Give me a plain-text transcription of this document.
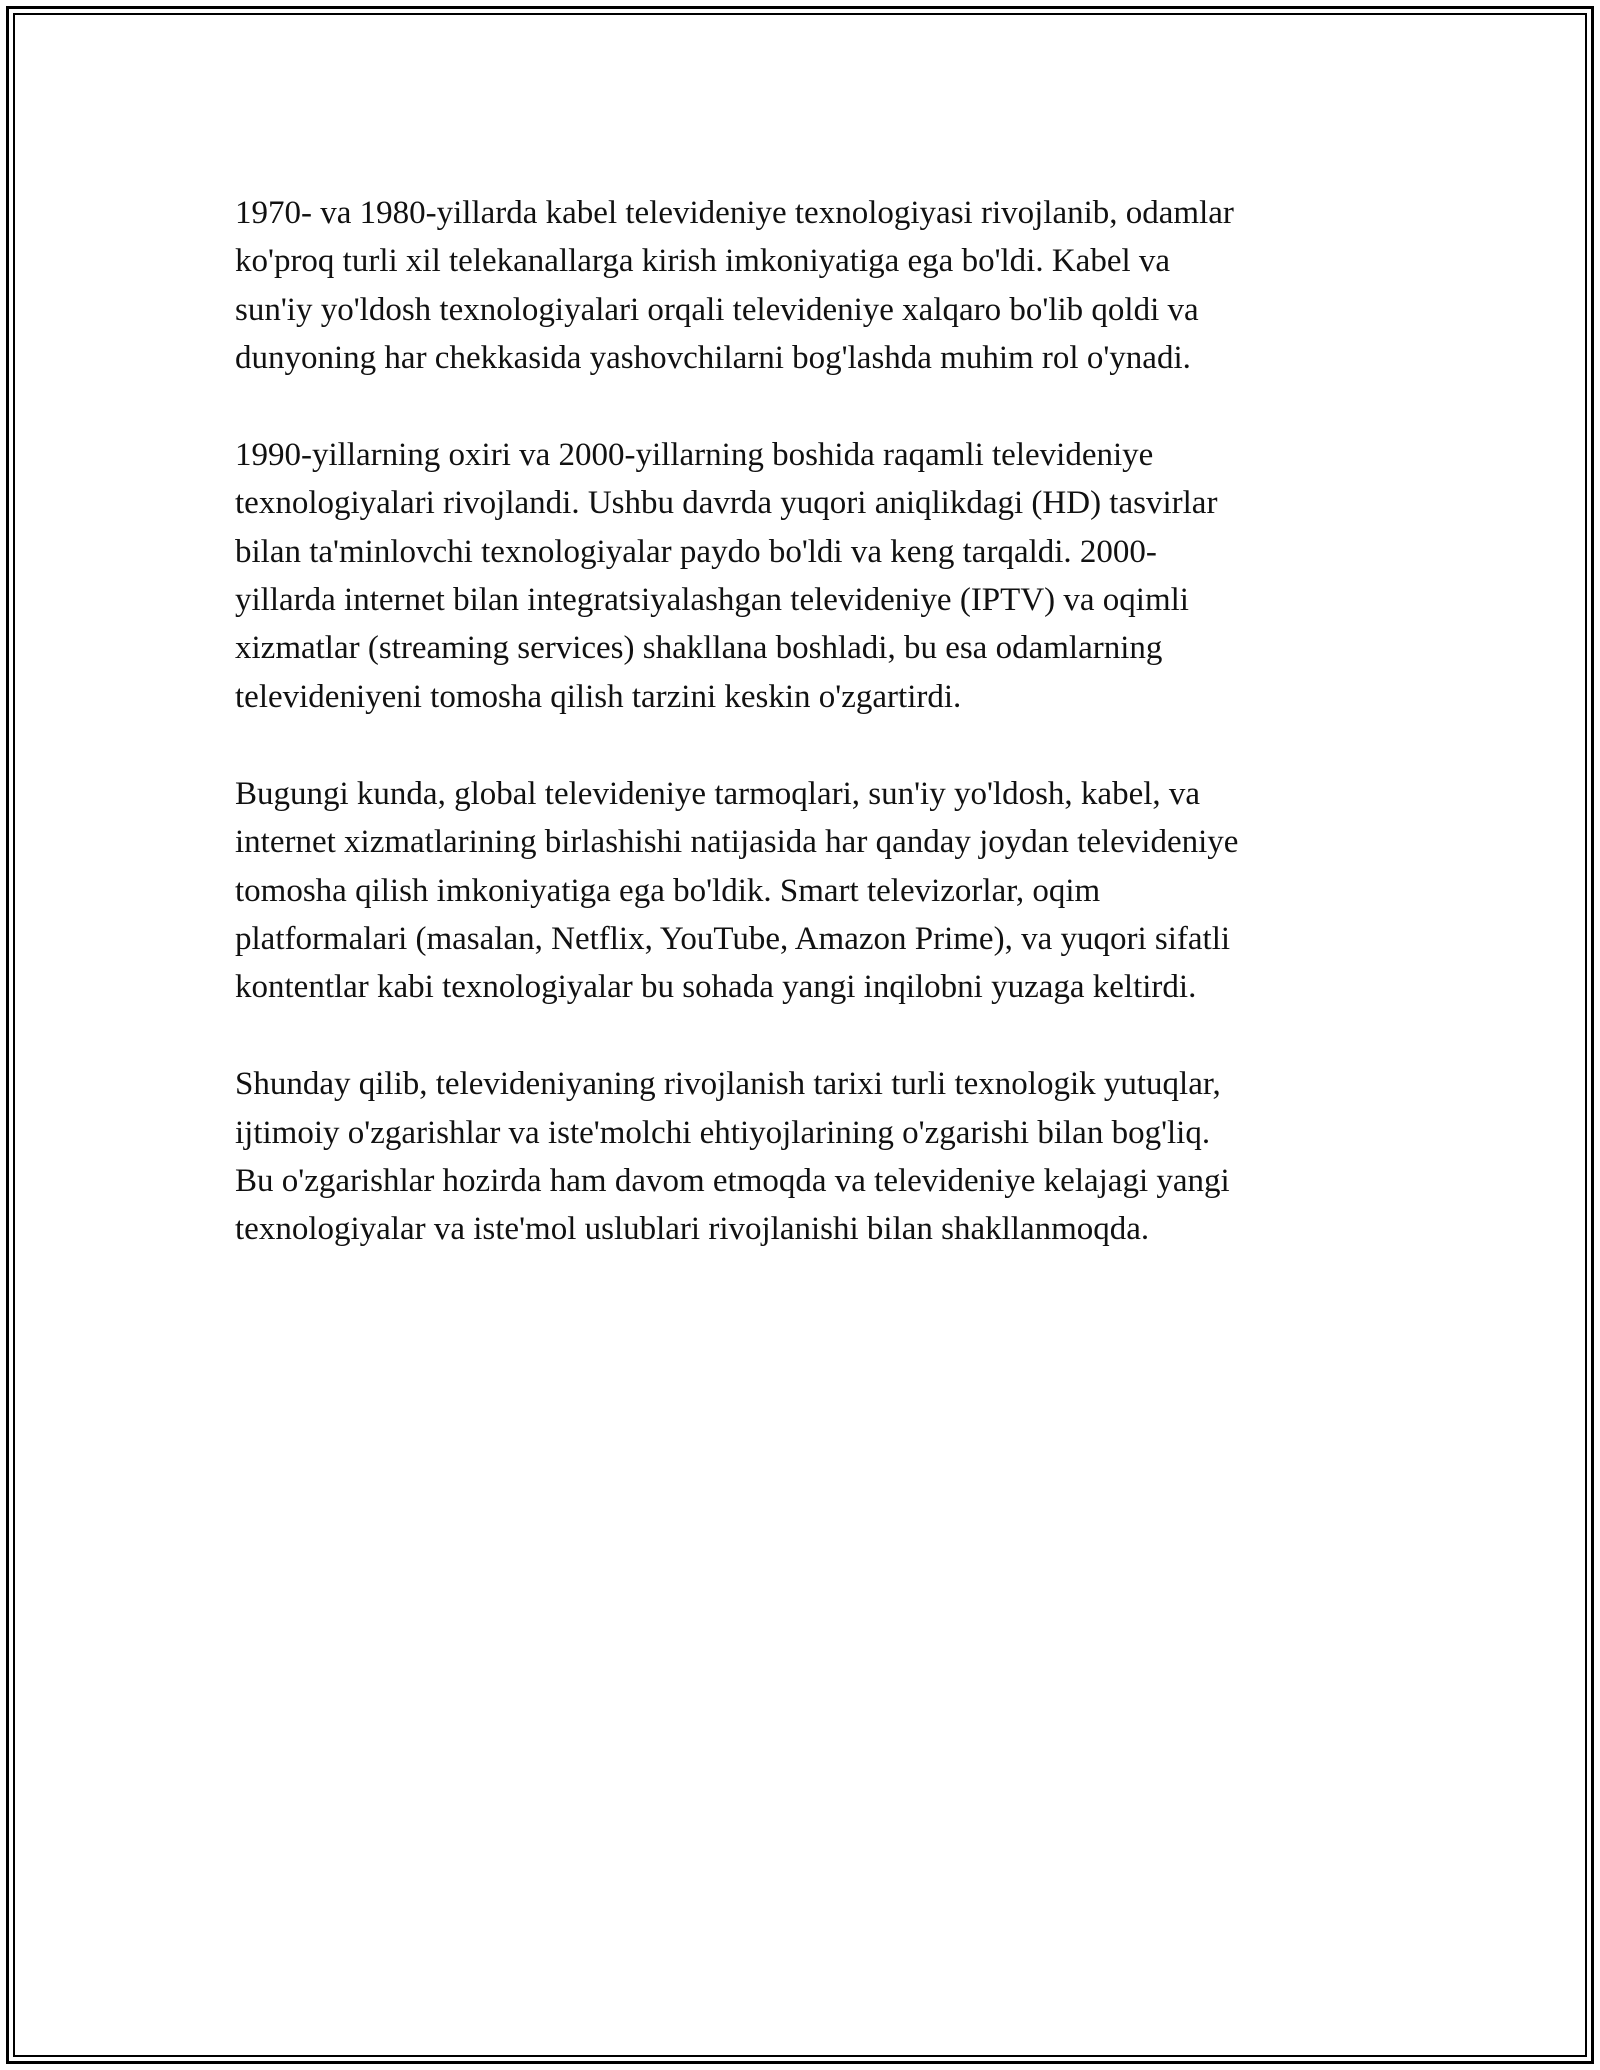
1970- va 1980-yillarda kabel televideniye texnologiyasi rivojlanib, odamlar
ko'proq turli xil telekanallarga kirish imkoniyatiga ega bo'ldi. Kabel va
sun'iy yo'ldosh texnologiyalari orqali televideniye xalqaro bo'lib qoldi va
dunyoning har chekkasida yashovchilarni bog'lashda muhim rol o'ynadi.

1990-yillarning oxiri va 2000-yillarning boshida raqamli televideniye
texnologiyalari rivojlandi. Ushbu davrda yuqori aniqlikdagi (HD) tasvirlar
bilan ta'minlovchi texnologiyalar paydo bo'ldi va keng tarqaldi. 2000-
yillarda internet bilan integratsiyalashgan televideniye (IPTV) va oqimli
xizmatlar (streaming services) shakllana boshladi, bu esa odamlarning
televideniyeni tomosha qilish tarzini keskin o'zgartirdi.

Bugungi kunda, global televideniye tarmoqlari, sun'iy yo'ldosh, kabel, va
internet xizmatlarining birlashishi natijasida har qanday joydan televideniye
tomosha qilish imkoniyatiga ega bo'ldik. Smart televizorlar, oqim
platformalari (masalan, Netflix, YouTube, Amazon Prime), va yuqori sifatli
kontentlar kabi texnologiyalar bu sohada yangi inqilobni yuzaga keltirdi.

Shunday qilib, televideniyaning rivojlanish tarixi turli texnologik yutuqlar,
ijtimoiy o'zgarishlar va iste'molchi ehtiyojlarining o'zgarishi bilan bog'liq.
Bu o'zgarishlar hozirda ham davom etmoqda va televideniye kelajagi yangi
texnologiyalar va iste'mol uslublari rivojlanishi bilan shakllanmoqda.
